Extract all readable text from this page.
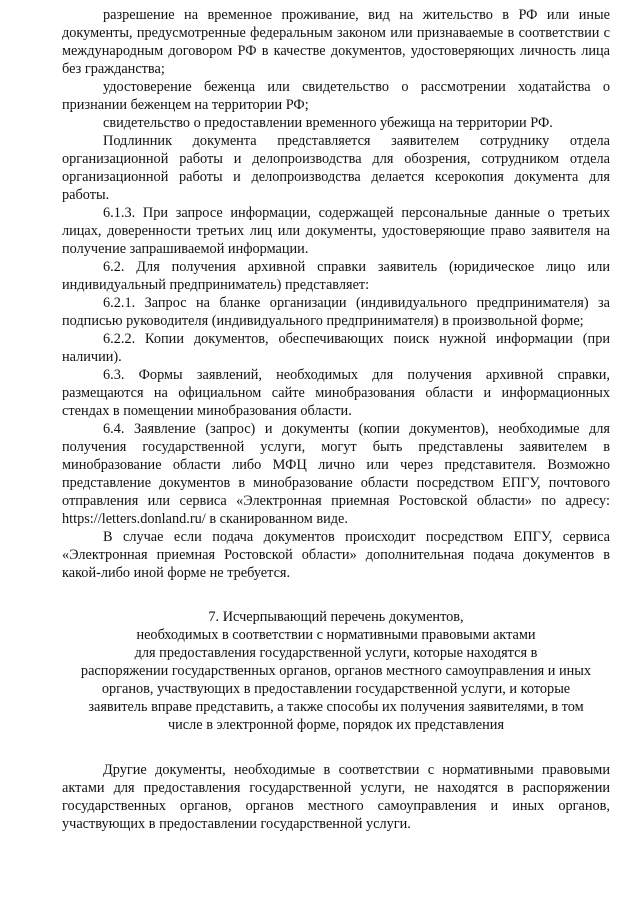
разрешение на временное проживание, вид на жительство в РФ или иные документы, предусмотренные федеральным законом или признаваемые в соответствии с международным договором РФ в качестве документов, удостоверяющих личность лица без гражданства;

удостоверение беженца или свидетельство о рассмотрении ходатайства о признании беженцем на территории РФ;

свидетельство о предоставлении временного убежища на территории РФ.

Подлинник документа представляется заявителем сотруднику отдела организационной работы и делопроизводства для обозрения, сотрудником отдела организационной работы и делопроизводства делается ксерокопия документа для работы.

6.1.3. При запросе информации, содержащей персональные данные о третьих лицах, доверенности третьих лиц или документы, удостоверяющие право заявителя на получение запрашиваемой информации.

6.2. Для получения архивной справки заявитель (юридическое лицо или индивидуальный предприниматель) представляет:

6.2.1. Запрос на бланке организации (индивидуального предпринимателя) за подписью руководителя (индивидуального предпринимателя) в произвольной форме;

6.2.2. Копии документов, обеспечивающих поиск нужной информации (при наличии).

6.3. Формы заявлений, необходимых для получения архивной справки, размещаются на официальном сайте минобразования области и информационных стендах в помещении минобразования области.

6.4. Заявление (запрос) и документы (копии документов), необходимые для получения государственной услуги, могут быть представлены заявителем в минобразование области либо МФЦ лично или через представителя. Возможно представление документов в минобразование области посредством ЕПГУ, почтового отправления или сервиса «Электронная приемная Ростовской области» по адресу: https://letters.donland.ru/ в сканированном виде.

В случае если подача документов происходит посредством ЕПГУ, сервиса «Электронная приемная Ростовской области» дополнительная подача документов в какой-либо иной форме не требуется.

7. Исчерпывающий перечень документов,
необходимых в соответствии с нормативными правовыми актами
для предоставления государственной услуги, которые находятся в
распоряжении государственных органов, органов местного самоуправления и иных
органов, участвующих в предоставлении государственной услуги, и которые
заявитель вправе представить, а также способы их получения заявителями, в том
числе в электронной форме, порядок их представления

Другие документы, необходимые в соответствии с нормативными правовыми актами для предоставления государственной услуги, не находятся в распоряжении государственных органов, органов местного самоуправления и иных органов, участвующих в предоставлении государственной услуги.
